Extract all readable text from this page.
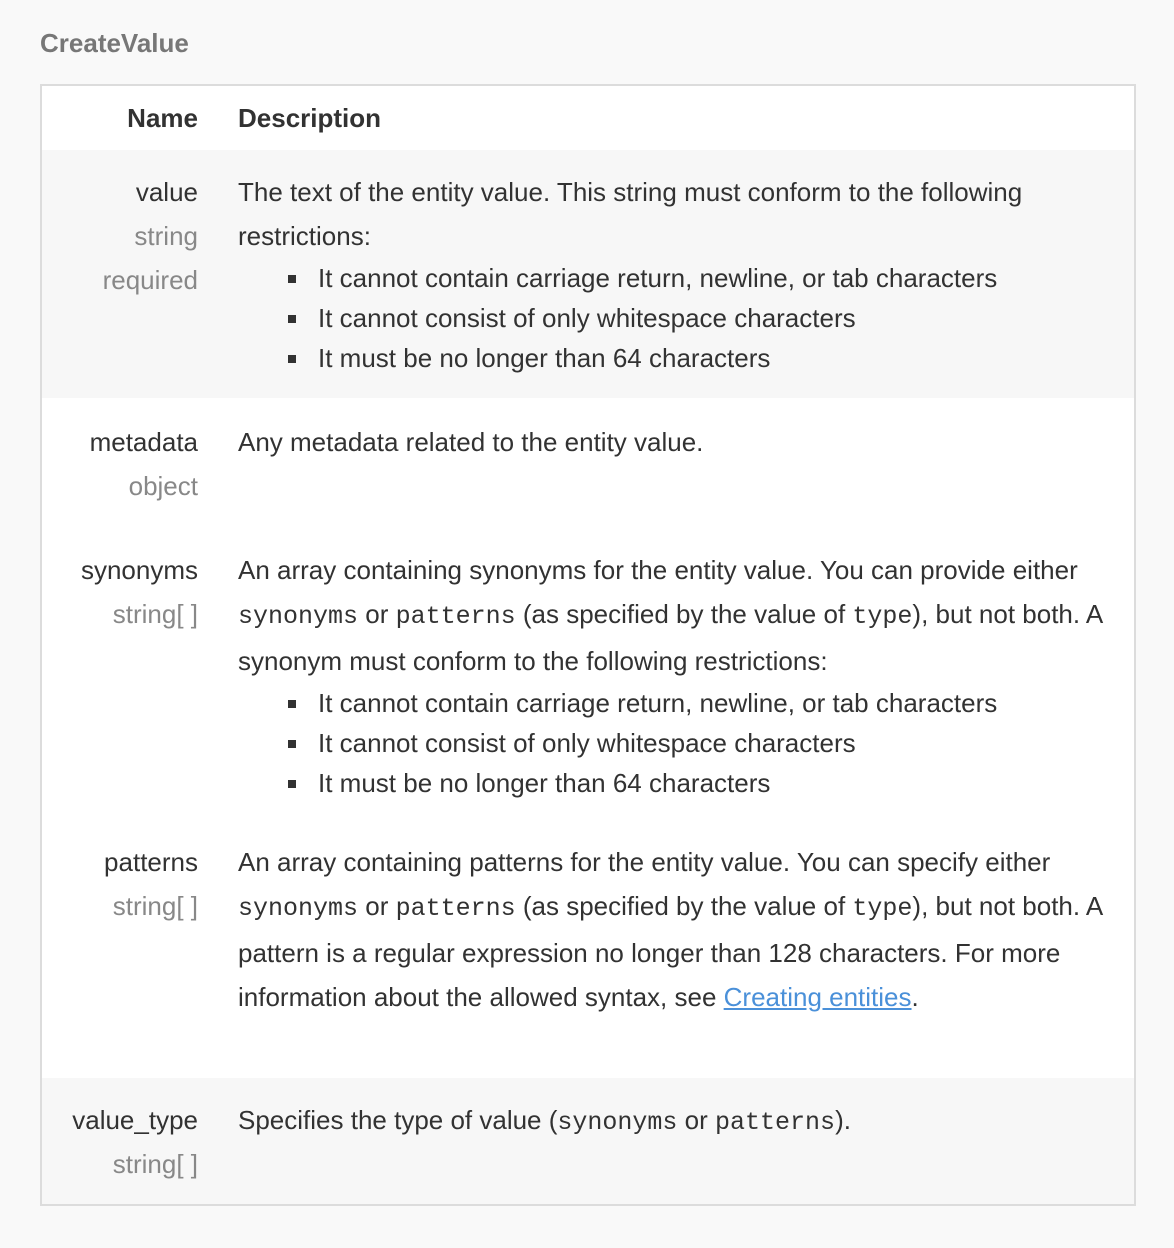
CreateValue
Name Description
value
string
required
The text of the entity value. This string must conform to the following restrictions:
It cannot contain carriage return, newline, or tab characters
It cannot consist of only whitespace characters
It must be no longer than 64 characters
metadata
object
Any metadata related to the entity value.
synonyms
string[ ]
An array containing synonyms for the entity value. You can provide either synonyms or patterns (as specified by the value of type), but not both. A synonym must conform to the following restrictions:
It cannot contain carriage return, newline, or tab characters
It cannot consist of only whitespace characters
It must be no longer than 64 characters
patterns
string[ ]
An array containing patterns for the entity value. You can specify either synonyms or patterns (as specified by the value of type), but not both. A pattern is a regular expression no longer than 128 characters. For more information about the allowed syntax, see Creating entities.
value_type
string[ ]
Specifies the type of value (synonyms or patterns).
